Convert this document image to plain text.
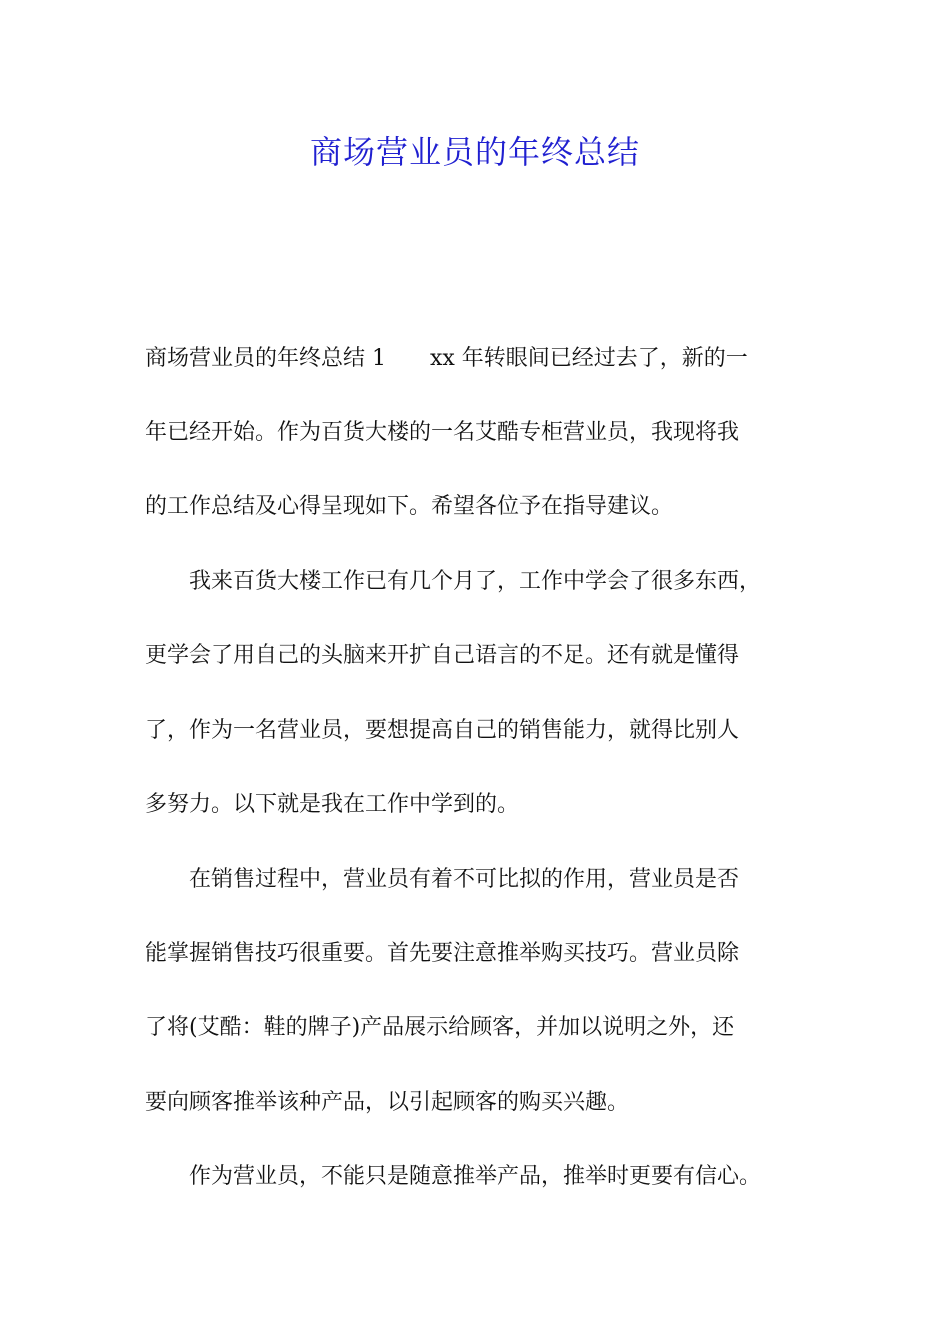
商场营业员的年终总结

商场营业员的年终总结 1　　xx 年转眼间已经过去了，新的一

年已经开始。作为百货大楼的一名艾酷专柜营业员，我现将我

的工作总结及心得呈现如下。希望各位予在指导建议。

　　我来百货大楼工作已有几个月了，工作中学会了很多东西，

更学会了用自己的头脑来开扩自己语言的不足。还有就是懂得

了，作为一名营业员，要想提高自己的销售能力，就得比别人

多努力。以下就是我在工作中学到的。

　　在销售过程中，营业员有着不可比拟的作用，营业员是否

能掌握销售技巧很重要。首先要注意推举购买技巧。营业员除

了将(艾酷：鞋的牌子)产品展示给顾客，并加以说明之外，还

要向顾客推举该种产品，以引起顾客的购买兴趣。

　　作为营业员，不能只是随意推举产品，推举时更要有信心。
